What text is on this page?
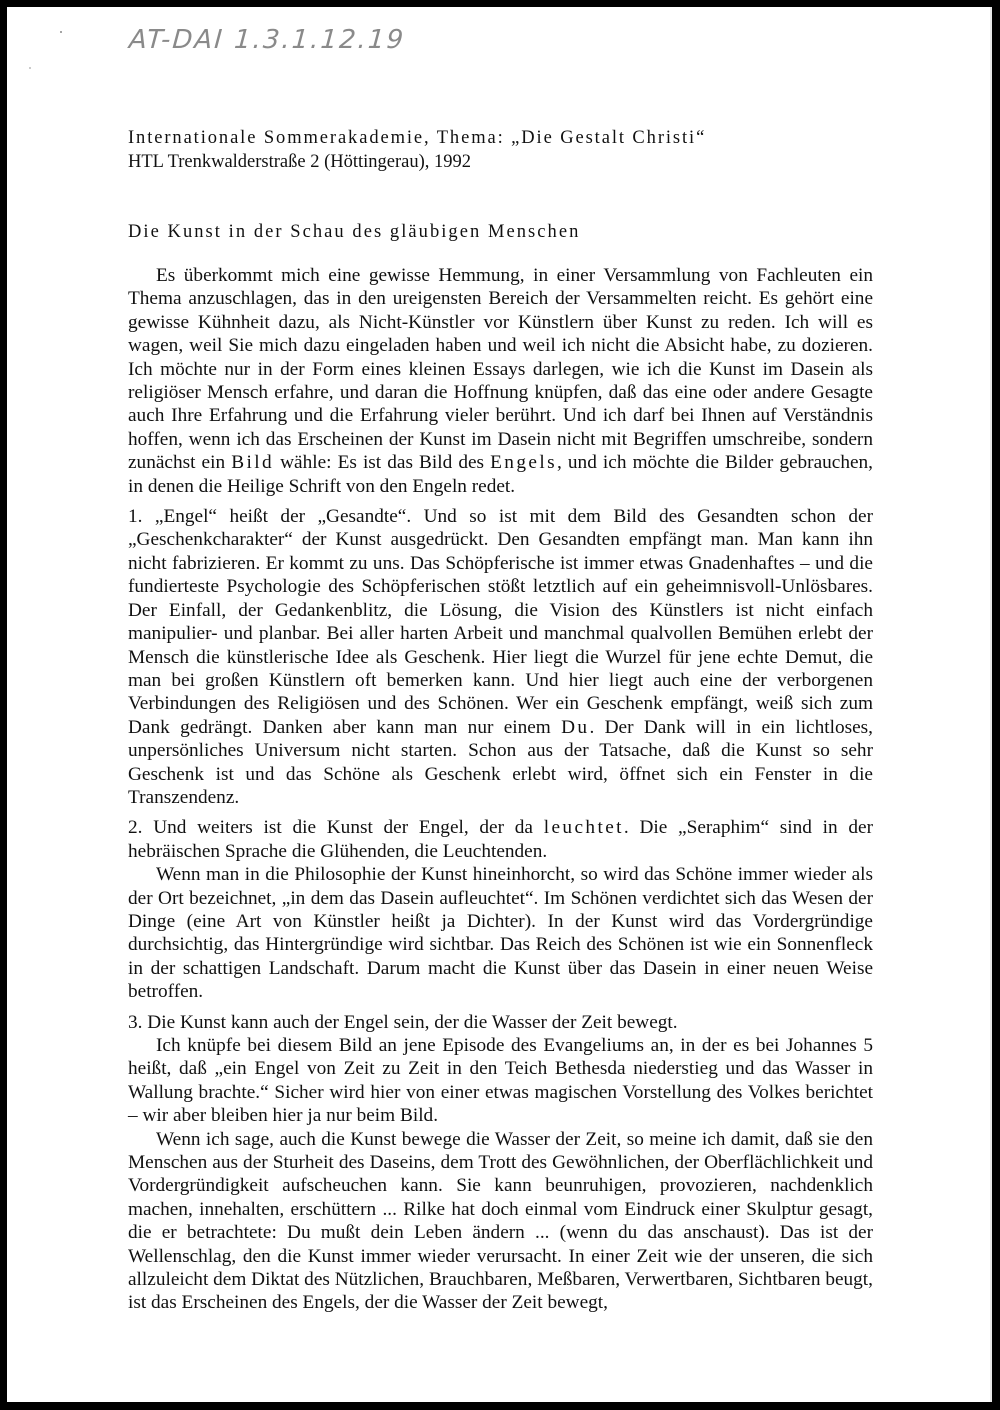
AT-DAI 1.3.1.12.19
Internationale Sommerakademie, Thema: „Die Gestalt Christi“
HTL Trenkwalderstraße 2 (Höttingerau), 1992
Die Kunst in der Schau des gläubigen Menschen

Es überkommt mich eine gewisse Hemmung, in einer Versammlung von Fachleuten ein Thema anzuschlagen, das in den ureigensten Bereich der Versammelten reicht. Es gehört eine gewisse Kühnheit dazu, als Nicht-Künstler vor Künstlern über Kunst zu reden. Ich will es wagen, weil Sie mich dazu eingeladen haben und weil ich nicht die Absicht habe, zu dozieren. Ich möchte nur in der Form eines kleinen Essays darlegen, wie ich die Kunst im Dasein als religiöser Mensch erfahre, und daran die Hoffnung knüpfen, daß das eine oder andere Gesagte auch Ihre Erfahrung und die Erfahrung vieler berührt. Und ich darf bei Ihnen auf Verständnis hoffen, wenn ich das Erscheinen der Kunst im Dasein nicht mit Begriffen umschreibe, sondern zunächst ein Bild wähle: Es ist das Bild des Engels, und ich möchte die Bilder gebrauchen, in denen die Heilige Schrift von den Engeln redet.

1. „Engel“ heißt der „Gesandte“. Und so ist mit dem Bild des Gesandten schon der „Geschenkcharakter“ der Kunst ausgedrückt. Den Gesandten empfängt man. Man kann ihn nicht fabrizieren. Er kommt zu uns. Das Schöpferische ist immer etwas Gnadenhaftes – und die fundierteste Psychologie des Schöpferischen stößt letztlich auf ein geheimnisvoll-Unlösbares. Der Einfall, der Gedankenblitz, die Lösung, die Vision des Künstlers ist nicht einfach manipulier- und planbar. Bei aller harten Arbeit und manchmal qualvollen Bemühen erlebt der Mensch die künstlerische Idee als Geschenk. Hier liegt die Wurzel für jene echte Demut, die man bei großen Künstlern oft bemerken kann. Und hier liegt auch eine der verborgenen Verbindungen des Religiösen und des Schönen. Wer ein Geschenk empfängt, weiß sich zum Dank gedrängt. Danken aber kann man nur einem Du. Der Dank will in ein lichtloses, unpersönliches Universum nicht starten. Schon aus der Tatsache, daß die Kunst so sehr Geschenk ist und das Schöne als Geschenk erlebt wird, öffnet sich ein Fenster in die Transzendenz.

2. Und weiters ist die Kunst der Engel, der da leuchtet. Die „Seraphim“ sind in der hebräischen Sprache die Glühenden, die Leuchtenden.

Wenn man in die Philosophie der Kunst hineinhorcht, so wird das Schöne immer wieder als der Ort bezeichnet, „in dem das Dasein aufleuchtet“. Im Schönen verdichtet sich das Wesen der Dinge (eine Art von Künstler heißt ja Dichter). In der Kunst wird das Vordergründige durchsichtig, das Hintergründige wird sichtbar. Das Reich des Schönen ist wie ein Sonnenfleck in der schattigen Landschaft. Darum macht die Kunst über das Dasein in einer neuen Weise betroffen.

3. Die Kunst kann auch der Engel sein, der die Wasser der Zeit bewegt.

Ich knüpfe bei diesem Bild an jene Episode des Evangeliums an, in der es bei Johannes 5 heißt, daß „ein Engel von Zeit zu Zeit in den Teich Bethesda niederstieg und das Wasser in Wallung brachte.“ Sicher wird hier von einer etwas magischen Vorstellung des Volkes berichtet – wir aber bleiben hier ja nur beim Bild.

Wenn ich sage, auch die Kunst bewege die Wasser der Zeit, so meine ich damit, daß sie den Menschen aus der Sturheit des Daseins, dem Trott des Gewöhnlichen, der Oberflächlichkeit und Vordergründigkeit aufscheuchen kann. Sie kann beunruhigen, provozieren, nachdenklich machen, innehalten, erschüttern ... Rilke hat doch einmal vom Eindruck einer Skulptur gesagt, die er betrachtete: Du mußt dein Leben ändern ... (wenn du das anschaust). Das ist der Wellenschlag, den die Kunst immer wieder verursacht. In einer Zeit wie der unseren, die sich allzuleicht dem Diktat des Nützlichen, Brauchbaren, Meßbaren, Verwertbaren, Sichtbaren beugt, ist das Erscheinen des Engels, der die Wasser der Zeit bewegt,
